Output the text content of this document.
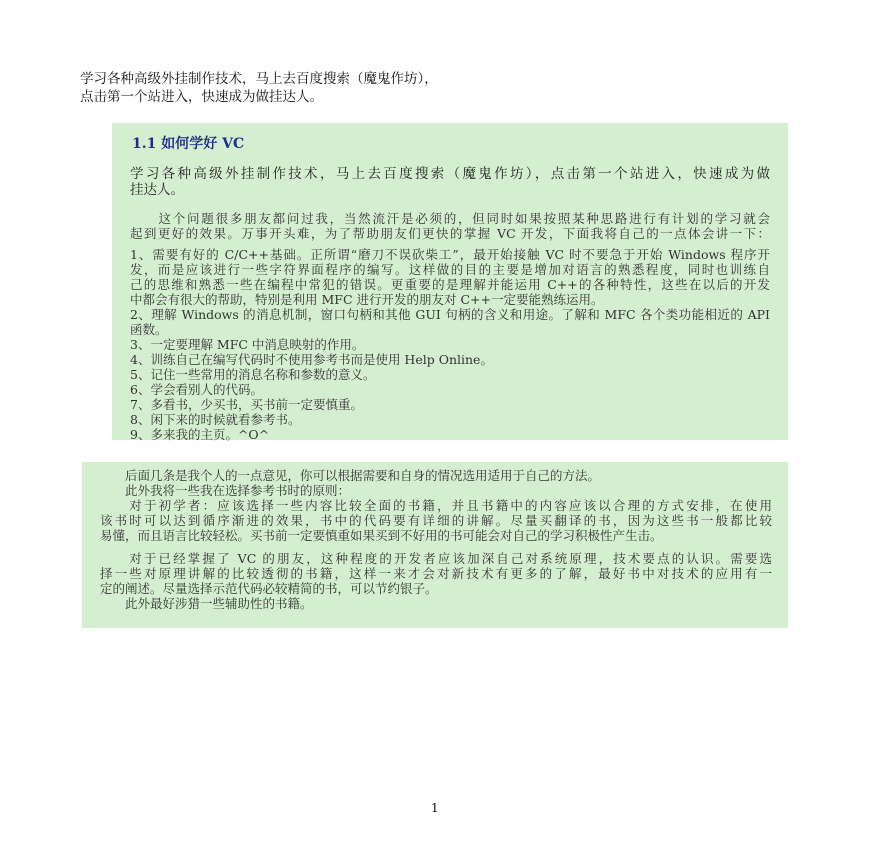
学习各种高级外挂制作技术，马上去百度搜索（魔鬼作坊），
点击第一个站进入，快速成为做挂达人。
1.1 如何学好 VC
学习各种高级外挂制作技术，马上去百度搜索（魔鬼作坊），点击第一个站进入，快速成为做
挂达人。
　　这个问题很多朋友都问过我，当然流汗是必须的，但同时如果按照某种思路进行有计划的学习就会
起到更好的效果。万事开头难，为了帮助朋友们更快的掌握 VC 开发，下面我将自己的一点体会讲一下：
1、需要有好的 C/C++基础。正所谓“磨刀不误砍柴工”，最开始接触 VC 时不要急于开始 Windows 程序开
发，而是应该进行一些字符界面程序的编写。这样做的目的主要是增加对语言的熟悉程度，同时也训练自
己的思维和熟悉一些在编程中常犯的错误。更重要的是理解并能运用 C++的各种特性，这些在以后的开发
中都会有很大的帮助，特别是利用 MFC 进行开发的朋友对 C++一定要能熟练运用。
2、理解 Windows 的消息机制，窗口句柄和其他 GUI 句柄的含义和用途。了解和 MFC 各个类功能相近的 API
函数。
3、一定要理解 MFC 中消息映射的作用。
4、训练自己在编写代码时不使用参考书而是使用 Help Online。
5、记住一些常用的消息名称和参数的意义。
6、学会看别人的代码。
7、多看书，少买书，买书前一定要慎重。
8、闲下来的时候就看参考书。
9、多来我的主页。^O^
　　后面几条是我个人的一点意见，你可以根据需要和自身的情况选用适用于自己的方法。
　　此外我将一些我在选择参考书时的原则：
　　对于初学者：应该选择一些内容比较全面的书籍，并且书籍中的内容应该以合理的方式安排，在使用
该书时可以达到循序渐进的效果，书中的代码要有详细的讲解。尽量买翻译的书，因为这些书一般都比较
易懂，而且语言比较轻松。买书前一定要慎重如果买到不好用的书可能会对自己的学习积极性产生击。
　　对于已经掌握了 VC 的朋友，这种程度的开发者应该加深自己对系统原理，技术要点的认识。需要选
择一些对原理讲解的比较透彻的书籍，这样一来才会对新技术有更多的了解，最好书中对技术的应用有一
定的阐述。尽量选择示范代码必较精简的书，可以节约银子。
　　此外最好涉猎一些辅助性的书籍。
1
